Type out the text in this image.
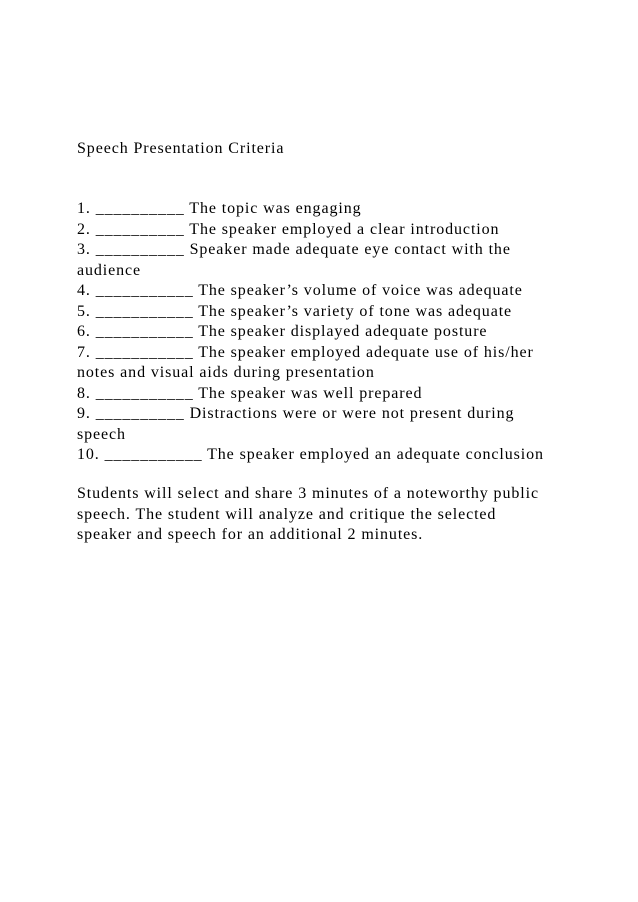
Speech Presentation Criteria
1. __________ The topic was engaging
2. __________ The speaker employed a clear introduction
3. __________ Speaker made adequate eye contact with the
audience
4. ___________ The speaker’s volume of voice was adequate
5. ___________ The speaker’s variety of tone was adequate
6. ___________ The speaker displayed adequate posture
7. ___________ The speaker employed adequate use of his/her
notes and visual aids during presentation
8. ___________ The speaker was well prepared
9. __________ Distractions were or were not present during
speech
10. ___________ The speaker employed an adequate conclusion
Students will select and share 3 minutes of a noteworthy public
speech. The student will analyze and critique the selected
speaker and speech for an additional 2 minutes.
